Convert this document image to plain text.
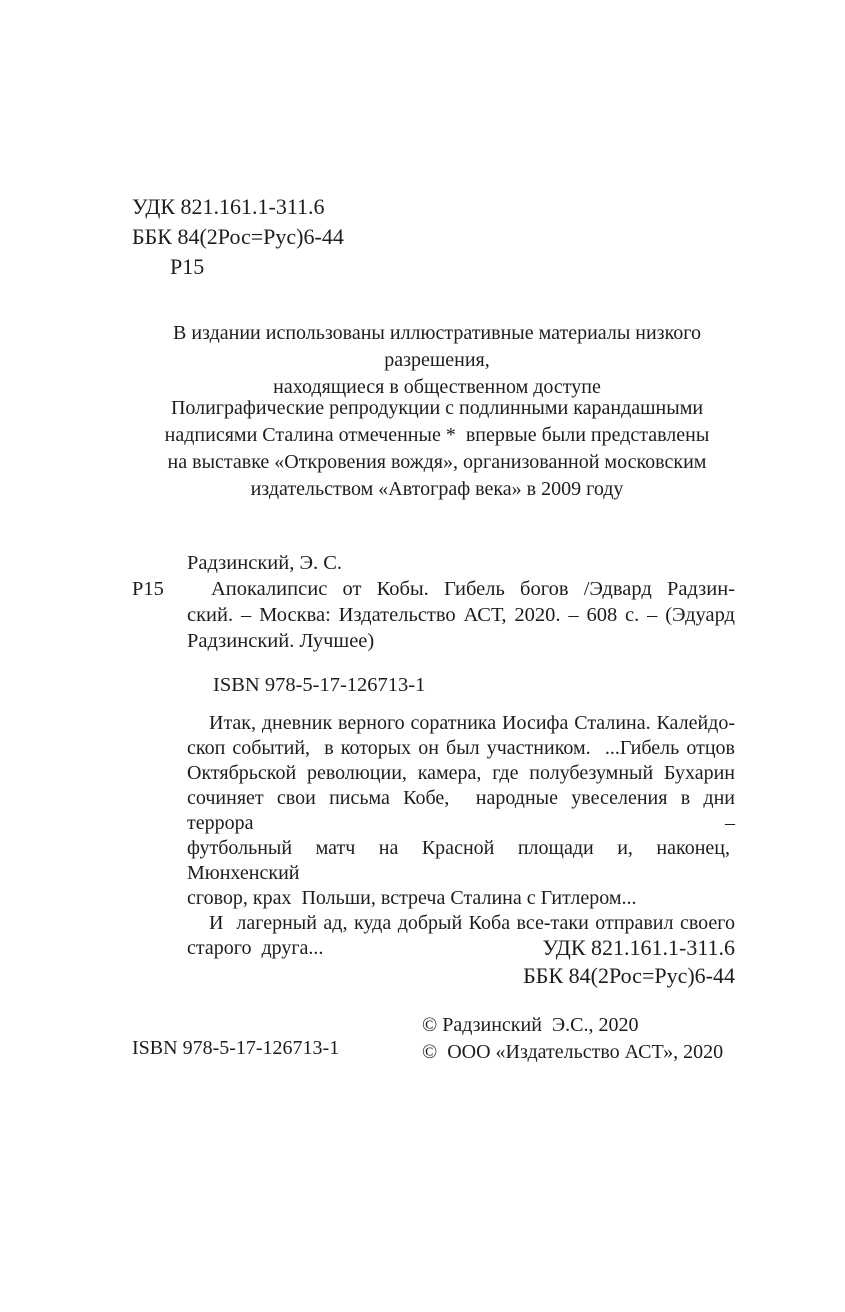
УДК 821.161.1-311.6
ББК 84(2Рос=Рус)6-44
Р15
В издании использованы иллюстративные материалы низкого разрешения,
находящиеся в общественном доступе
Полиграфические репродукции с подлинными карандашными
надписями Сталина отмеченные *  впервые были представлены
на выставке «Откровения вождя», организованной московским
издательством «Автограф века» в 2009 году
Р15
Радзинский, Э. С.
Апокалипсис от Кобы. Гибель богов /Эдвард Радзин-
ский. – Москва: Издательство АСТ, 2020. – 608 с. – (Эдуард
Радзинский. Лучшее)
ISBN 978-5-17-126713-1
Итак, дневник верного соратника Иосифа Сталина. Калейдо-
скоп событий,  в которых он был участником.  ...Гибель отцов
Октябрьской революции, камера, где полубезумный Бухарин
сочиняет свои письма Кобе,  народные увеселения в дни террора –
футбольный матч на Красной площади и, наконец,  Мюнхенский
сговор, крах  Польши, встреча Сталина с Гитлером...
И  лагерный ад, куда добрый Коба все-таки отправил своего
старого  друга...	УДК 821.161.1-311.6
ББК 84(2Рос=Рус)6-44
ISBN 978-5-17-126713-1
© Радзинский  Э.С., 2020
©  ООО «Издательство АСТ», 2020
